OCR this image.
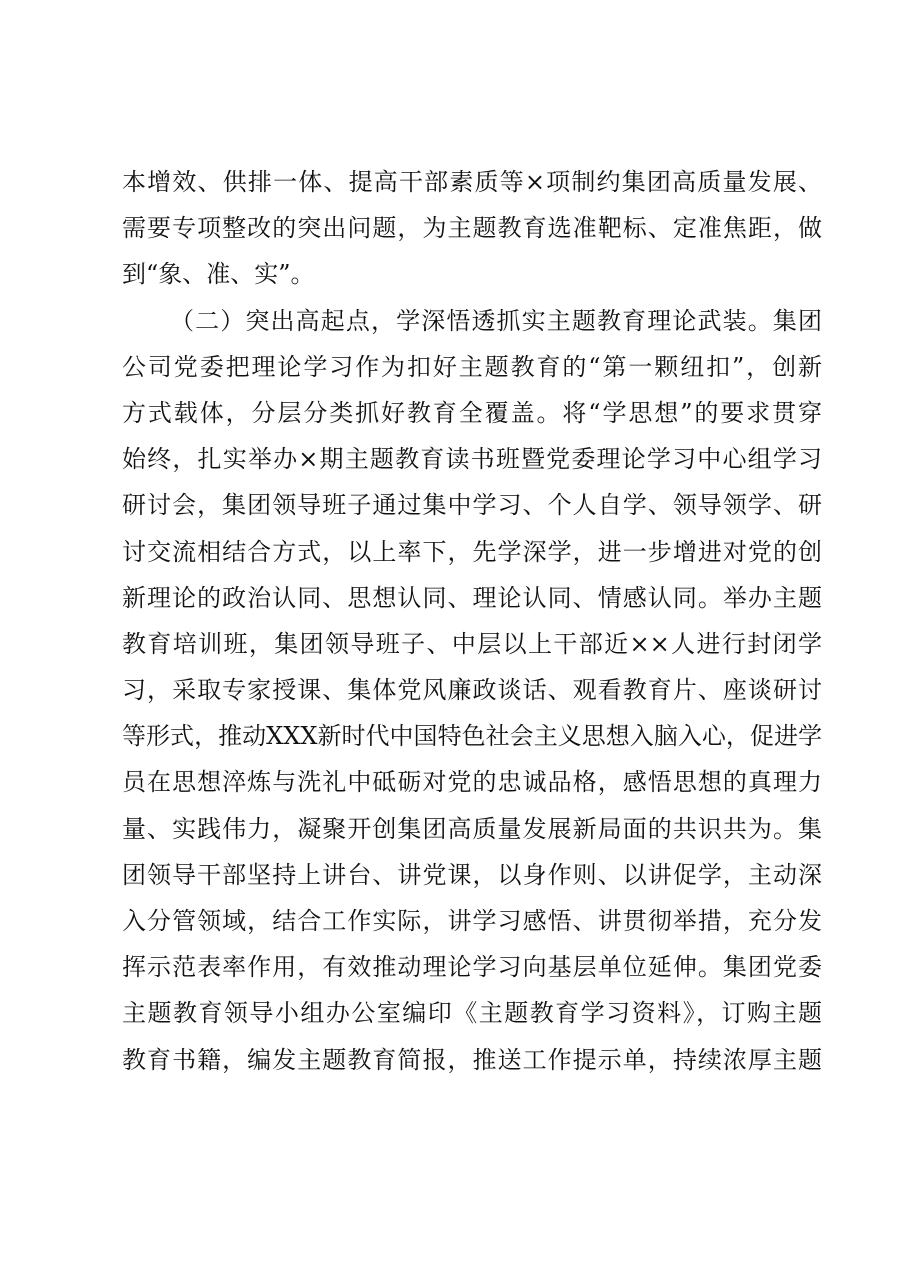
本增效、供排一体、提高干部素质等×项制约集团高质量发展、
需要专项整改的突出问题，为主题教育选准靶标、定准焦距，做
到“象、准、实”。
（二）突出高起点，学深悟透抓实主题教育理论武装。集团
公司党委把理论学习作为扣好主题教育的“第一颗纽扣”，创新
方式载体，分层分类抓好教育全覆盖。将“学思想”的要求贯穿
始终，扎实举办×期主题教育读书班暨党委理论学习中心组学习
研讨会，集团领导班子通过集中学习、个人自学、领导领学、研
讨交流相结合方式，以上率下，先学深学，进一步增进对党的创
新理论的政治认同、思想认同、理论认同、情感认同。举办主题
教育培训班，集团领导班子、中层以上干部近××人进行封闭学
习，采取专家授课、集体党风廉政谈话、观看教育片、座谈研讨
等形式，推动XXX新时代中国特色社会主义思想入脑入心，促进学
员在思想淬炼与洗礼中砥砺对党的忠诚品格，感悟思想的真理力
量、实践伟力，凝聚开创集团高质量发展新局面的共识共为。集
团领导干部坚持上讲台、讲党课，以身作则、以讲促学，主动深
入分管领域，结合工作实际，讲学习感悟、讲贯彻举措，充分发
挥示范表率作用，有效推动理论学习向基层单位延伸。集团党委
主题教育领导小组办公室编印《主题教育学习资料》，订购主题
教育书籍，编发主题教育简报，推送工作提示单，持续浓厚主题
